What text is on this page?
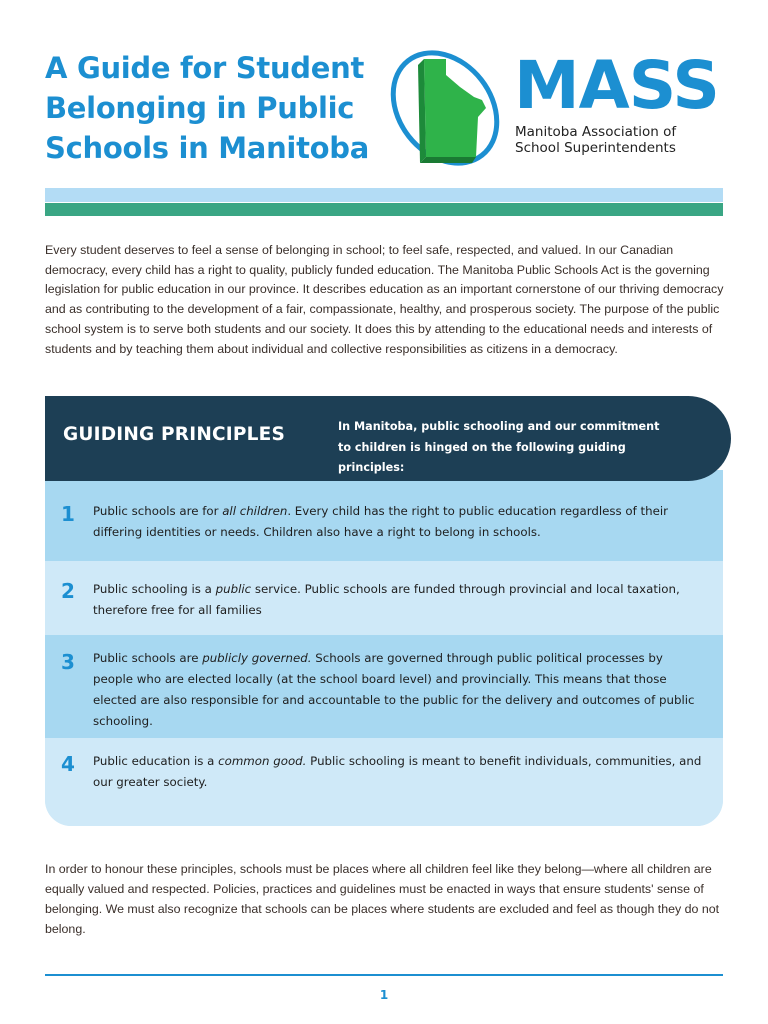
A Guide for Student
Belonging in Public
Schools in Manitoba
MASS
Manitoba Association of
School Superintendents

Every student deserves to feel a sense of belonging in school; to feel safe, respected, and valued. In our Canadian democracy, every child has a right to quality, publicly funded education. The Manitoba Public Schools Act is the governing legislation for public education in our province. It describes education as an important cornerstone of our thriving democracy and as contributing to the development of a fair, compassionate, healthy, and prosperous society. The purpose of the public school system is to serve both students and our society. It does this by attending to the educational needs and interests of students and by teaching them about individual and collective responsibilities as citizens in a democracy.

1 Public schools are for all children. Every child has the right to public education regardless of their differing identities or needs. Children also have a right to belong in schools.
2 Public schooling is a public service. Public schools are funded through provincial and local taxation, therefore free for all families
3 Public schools are publicly governed. Schools are governed through public political processes by people who are elected locally (at the school board level) and provincially. This means that those elected are also responsible for and accountable to the public for the delivery and outcomes of public schooling.
4 Public education is a common good. Public schooling is meant to benefit individuals, communities, and our greater society.
GUIDING PRINCIPLES	In Manitoba, public schooling and our commitment to children is hinged on the following guiding principles:

In order to honour these principles, schools must be places where all children feel like they belong—where all children are equally valued and respected. Policies, practices and guidelines must be enacted in ways that ensure students' sense of belonging. We must also recognize that schools can be places where students are excluded and feel as though they do not belong.

1
